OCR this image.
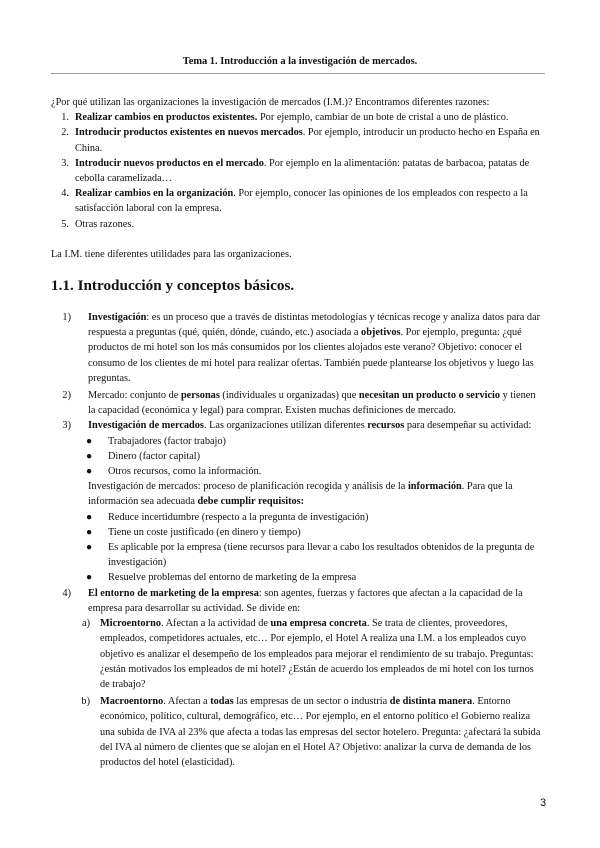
Tema 1. Introducción a la investigación de mercados.

¿Por qué utilizan las organizaciones la investigación de mercados (I.M.)? Encontramos diferentes razones:

1. Realizar cambios en productos existentes. Por ejemplo, cambiar de un bote de cristal a uno de plástico.
2. Introducir productos existentes en nuevos mercados. Por ejemplo, introducir un producto hecho en España en China.
3. Introducir nuevos productos en el mercado. Por ejemplo en la alimentación: patatas de barbacoa, patatas de cebolla caramelizada…
4. Realizar cambios en la organización. Por ejemplo, conocer las opiniones de los empleados con respecto a la satisfacción laboral con la empresa.
5. Otras razones.

La I.M. tiene diferentes utilidades para las organizaciones.

1.1. Introducción y conceptos básicos.
1) Investigación: es un proceso que a través de distintas metodologías y técnicas recoge y analiza datos para dar respuesta a preguntas (qué, quién, dónde, cuándo, etc.) asociada a objetivos. Por ejemplo, pregunta: ¿qué productos de mi hotel son los más consumidos por los clientes alojados este verano? Objetivo: conocer el consumo de los clientes de mi hotel para realizar ofertas. También puede plantearse los objetivos y luego las preguntas.
2) Mercado: conjunto de personas (individuales u organizadas) que necesitan un producto o servicio y tienen la capacidad (económica y legal) para comprar. Existen muchas definiciones de mercado.
3) Investigación de mercados. Las organizaciones utilizan diferentes recursos para desempeñar su actividad:
● Trabajadores (factor trabajo)
● Dinero (factor capital)
● Otros recursos, como la información.
Investigación de mercados: proceso de planificación recogida y análisis de la información. Para que la información sea adecuada debe cumplir requisitos:
● Reduce incertidumbre (respecto a la pregunta de investigación)
● Tiene un coste justificado (en dinero y tiempo)
● Es aplicable por la empresa (tiene recursos para llevar a cabo los resultados obtenidos de la pregunta de investigación)
● Resuelve problemas del entorno de marketing de la empresa
4) El entorno de marketing de la empresa: son agentes, fuerzas y factores que afectan a la capacidad de la empresa para desarrollar su actividad. Se divide en:
a) Microentorno. Afectan a la actividad de una empresa concreta. Se trata de clientes, proveedores, empleados, competidores actuales, etc… Por ejemplo, el Hotel A realiza una I.M. a los empleados cuyo objetivo es analizar el desempeño de los empleados para mejorar el rendimiento de su trabajo. Preguntas: ¿están motivados los empleados de mi hotel? ¿Están de acuerdo los empleados de mi hotel con los turnos de trabajo?
b) Macroentorno. Afectan a todas las empresas de un sector o industria de distinta manera. Entorno económico, político, cultural, demográfico, etc… Por ejemplo, en el entorno político el Gobierno realiza una subida de IVA al 23% que afecta a todas las empresas del sector hotelero. Pregunta: ¿afectará la subida del IVA al número de clientes que se alojan en el Hotel A? Objetivo: analizar la curva de demanda de los productos del hotel (elasticidad).
3
